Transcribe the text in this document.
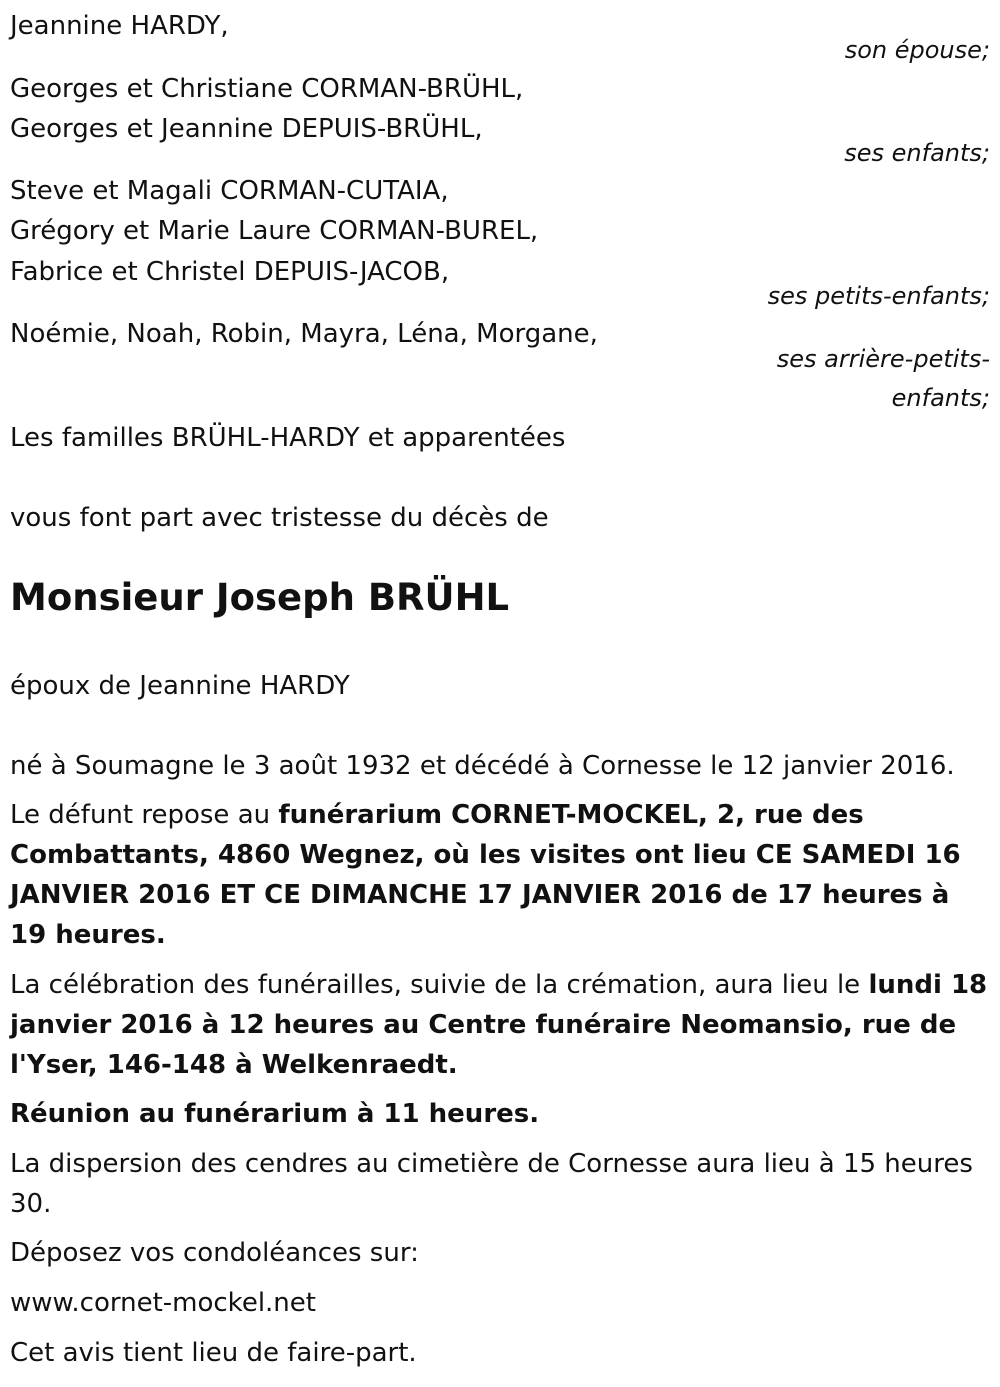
Jeannine HARDY,
son épouse;
Georges et Christiane CORMAN-BRÜHL,
Georges et Jeannine DEPUIS-BRÜHL,
ses enfants;
Steve et Magali CORMAN-CUTAIA,
Grégory et Marie Laure CORMAN-BUREL,
Fabrice et Christel DEPUIS-JACOB,
ses petits-enfants;
Noémie, Noah, Robin, Mayra, Léna, Morgane,
ses arrière-petits-
enfants;
Les familles BRÜHL-HARDY et apparentées
vous font part avec tristesse du décès de
Monsieur Joseph BRÜHL
époux de Jeannine HARDY
né à Soumagne le 3 août 1932 et décédé à Cornesse le 12 janvier 2016.
Le défunt repose au funérarium CORNET-MOCKEL, 2, rue des Combattants, 4860 Wegnez, où les visites ont lieu CE SAMEDI 16 JANVIER 2016 ET CE DIMANCHE 17 JANVIER 2016 de 17 heures à 19 heures.
La célébration des funérailles, suivie de la crémation, aura lieu le lundi 18 janvier 2016 à 12 heures au Centre funéraire Neomansio, rue de l'Yser, 146-148 à Welkenraedt.
Réunion au funérarium à 11 heures.
La dispersion des cendres au cimetière de Cornesse aura lieu à 15 heures 30.
Déposez vos condoléances sur:
www.cornet-mockel.net
Cet avis tient lieu de faire-part.
